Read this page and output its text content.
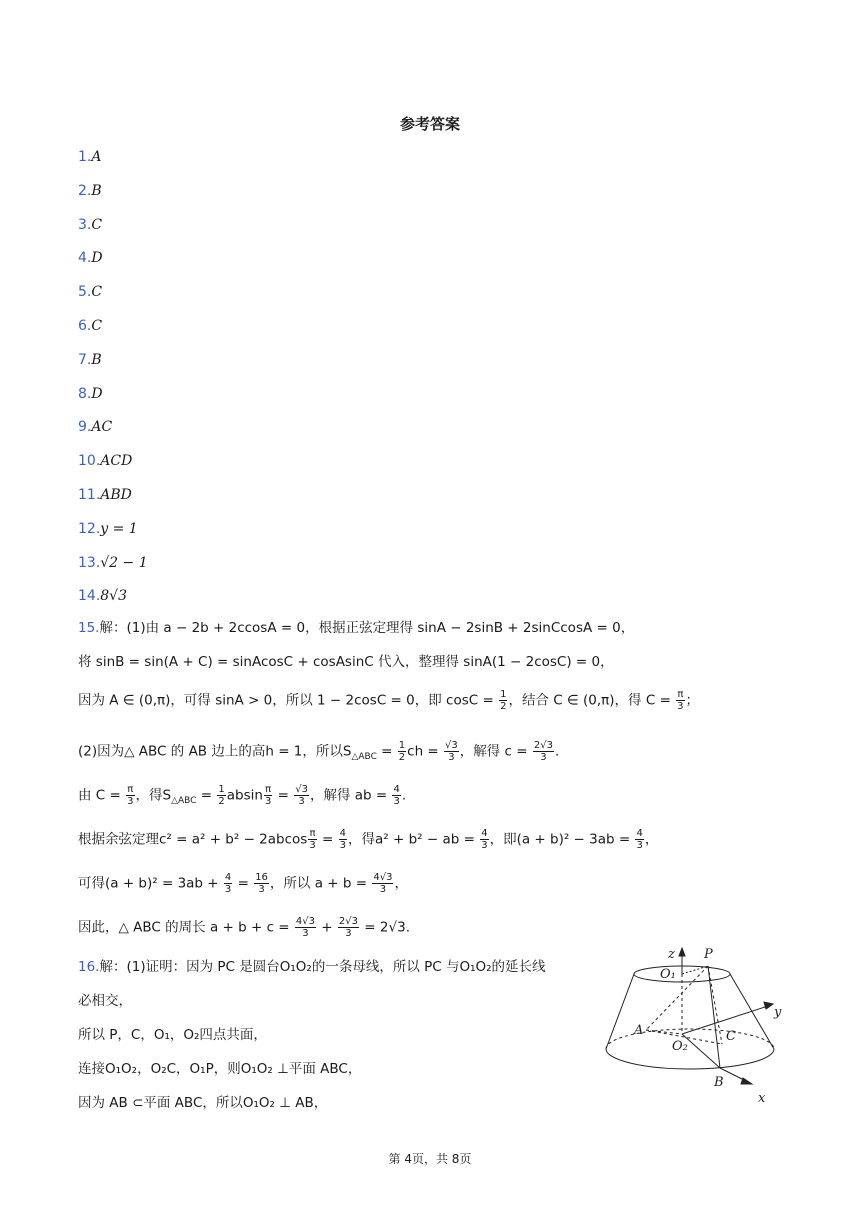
参考答案
1.A
2.B
3.C
4.D
5.C
6.C
7.B
8.D
9.AC
10.ACD
11.ABD
12.y = 1
13.√2 − 1
14.8√3
15.解：(1)由 a − 2b + 2ccosA = 0，根据正弦定理得 sinA − 2sinB + 2sinCcosA = 0，
将 sinB = sin(A + C) = sinAcosC + cosAsinC 代入，整理得 sinA(1 − 2cosC) = 0，
因为 A ∈ (0,π)，可得 sinA > 0，所以 1 − 2cosC = 0，即 $\cos C = \frac{1}{2}$ ，结合 C ∈ (0,π)，得 $C = \frac{\pi}{3}$ ；
(2)因为△ ABC 的 AB 边上的高h = 1，所以$S_{\triangle ABC} = \frac{1}{2}$ ch = $\frac{√3}{3}$ ，解得 $c = \frac{2√3}{3}$ .
由 $C = \frac{\pi}{3}$ ，得$S_{\triangle ABC} = \frac{1}{2}$ absin $\frac{\pi}{3} = \frac{√3}{3}$ ，解得 ab = $\frac{4}{3}$ .
根据余弦定理$c^2 = a^2 + b^2 - 2abcos \frac{\pi}{3} = \frac{4}{3}$ ，得a² + b² − ab = $\frac{4}{3}$ ，即$(a + b)^2 - 3ab = \frac{4}{3}$ ，
可得$(a + b)^2 = 3ab + \frac{4}{3} = \frac{16}{3}$ ，所以 $a + b = \frac{4√3}{3}$ ，
因此，△ ABC 的周长 $a + b + c = \frac{4√3}{3} + \frac{2√3}{3} = 2√3$.
16.解：(1)证明：因为 PC 是圆台O₁O₂的一条母线，所以 PC 与O₁O₂的延长线
必相交，
所以 P，C，O₁，O₂四点共面，
连接O₁O₂，O₂C，O₁P，则O₁O₂ ⊥平面 ABC，
因为 AB ⊂平面 ABC，所以O₁O₂ ⊥ AB，
z P
O₁
A	C
y
O₂
B
x
第 4页，共 8页
